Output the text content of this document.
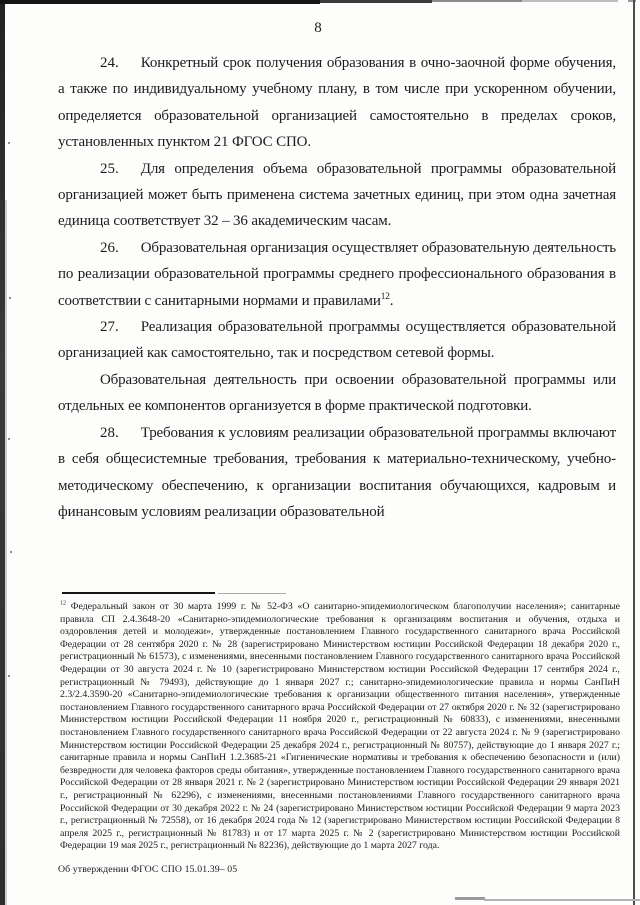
8

24. Конкретный срок получения образования в очно-заочной форме обучения, а также по индивидуальному учебному плану, в том числе при ускоренном обучении, определяется образовательной организацией самостоятельно в пределах сроков, установленных пунктом 21 ФГОС СПО.

25. Для определения объема образовательной программы образовательной организацией может быть применена система зачетных единиц, при этом одна зачетная единица соответствует 32 – 36 академическим часам.

26. Образовательная организация осуществляет образовательную деятельность по реализации образовательной программы среднего профессионального образования в соответствии с санитарными нормами и правилами$^{12}$.

27. Реализация образовательной программы осуществляется образовательной организацией как самостоятельно, так и посредством сетевой формы.

Образовательная деятельность при освоении образовательной программы или отдельных ее компонентов организуется в форме практической подготовки.

28. Требования к условиям реализации образовательной программы включают в себя общесистемные требования, требования к материально-техническому, учебно-методическому обеспечению, к организации воспитания обучающихся, кадровым и финансовым условиям реализации образовательной

$^{12}$ Федеральный закон от 30 марта 1999 г. № 52-ФЗ «О санитарно-эпидемиологическом благополучии населения»; санитарные правила СП 2.4.3648-20 «Санитарно-эпидемиологические требования к организациям воспитания и обучения, отдыха и оздоровления детей и молодежи», утвержденные постановлением Главного государственного санитарного врача Российской Федерации от 28 сентября 2020 г. № 28 (зарегистрировано Министерством юстиции Российской Федерации 18 декабря 2020 г., регистрационный № 61573), с изменениями, внесенными постановлением Главного государственного санитарного врача Российской Федерации от 30 августа 2024 г. № 10 (зарегистрировано Министерством юстиции Российской Федерации 17 сентября 2024 г., регистрационный № 79493), действующие до 1 января 2027 г.; санитарно-эпидемиологические правила и нормы СанПиН 2.3/2.4.3590-20 «Санитарно-эпидемиологические требования к организации общественного питания населения», утвержденные постановлением Главного государственного санитарного врача Российской Федерации от 27 октября 2020 г. № 32 (зарегистрировано Министерством юстиции Российской Федерации 11 ноября 2020 г., регистрационный № 60833), с изменениями, внесенными постановлением Главного государственного санитарного врача Российской Федерации от 22 августа 2024 г. № 9 (зарегистрировано Министерством юстиции Российской Федерации 25 декабря 2024 г., регистрационный № 80757), действующие до 1 января 2027 г.; санитарные правила и нормы СанПиН 1.2.3685-21 «Гигиенические нормативы и требования к обеспечению безопасности и (или) безвредности для человека факторов среды обитания», утвержденные постановлением Главного государственного санитарного врача Российской Федерации от 28 января 2021 г. № 2 (зарегистрировано Министерством юстиции Российской Федерации 29 января 2021 г., регистрационный № 62296), с изменениями, внесенными постановлениями Главного государственного санитарного врача Российской Федерации от 30 декабря 2022 г. № 24 (зарегистрировано Министерством юстиции Российской Федерации 9 марта 2023 г., регистрационный № 72558), от 16 декабря 2024 года № 12 (зарегистрировано Министерством юстиции Российской Федерации 8 апреля 2025 г., регистрационный № 81783) и от 17 марта 2025 г. № 2 (зарегистрировано Министерством юстиции Российской Федерации 19 мая 2025 г., регистрационный № 82236), действующие до 1 марта 2027 года.
Об утверждении ФГОС СПО 15.01.39– 05
